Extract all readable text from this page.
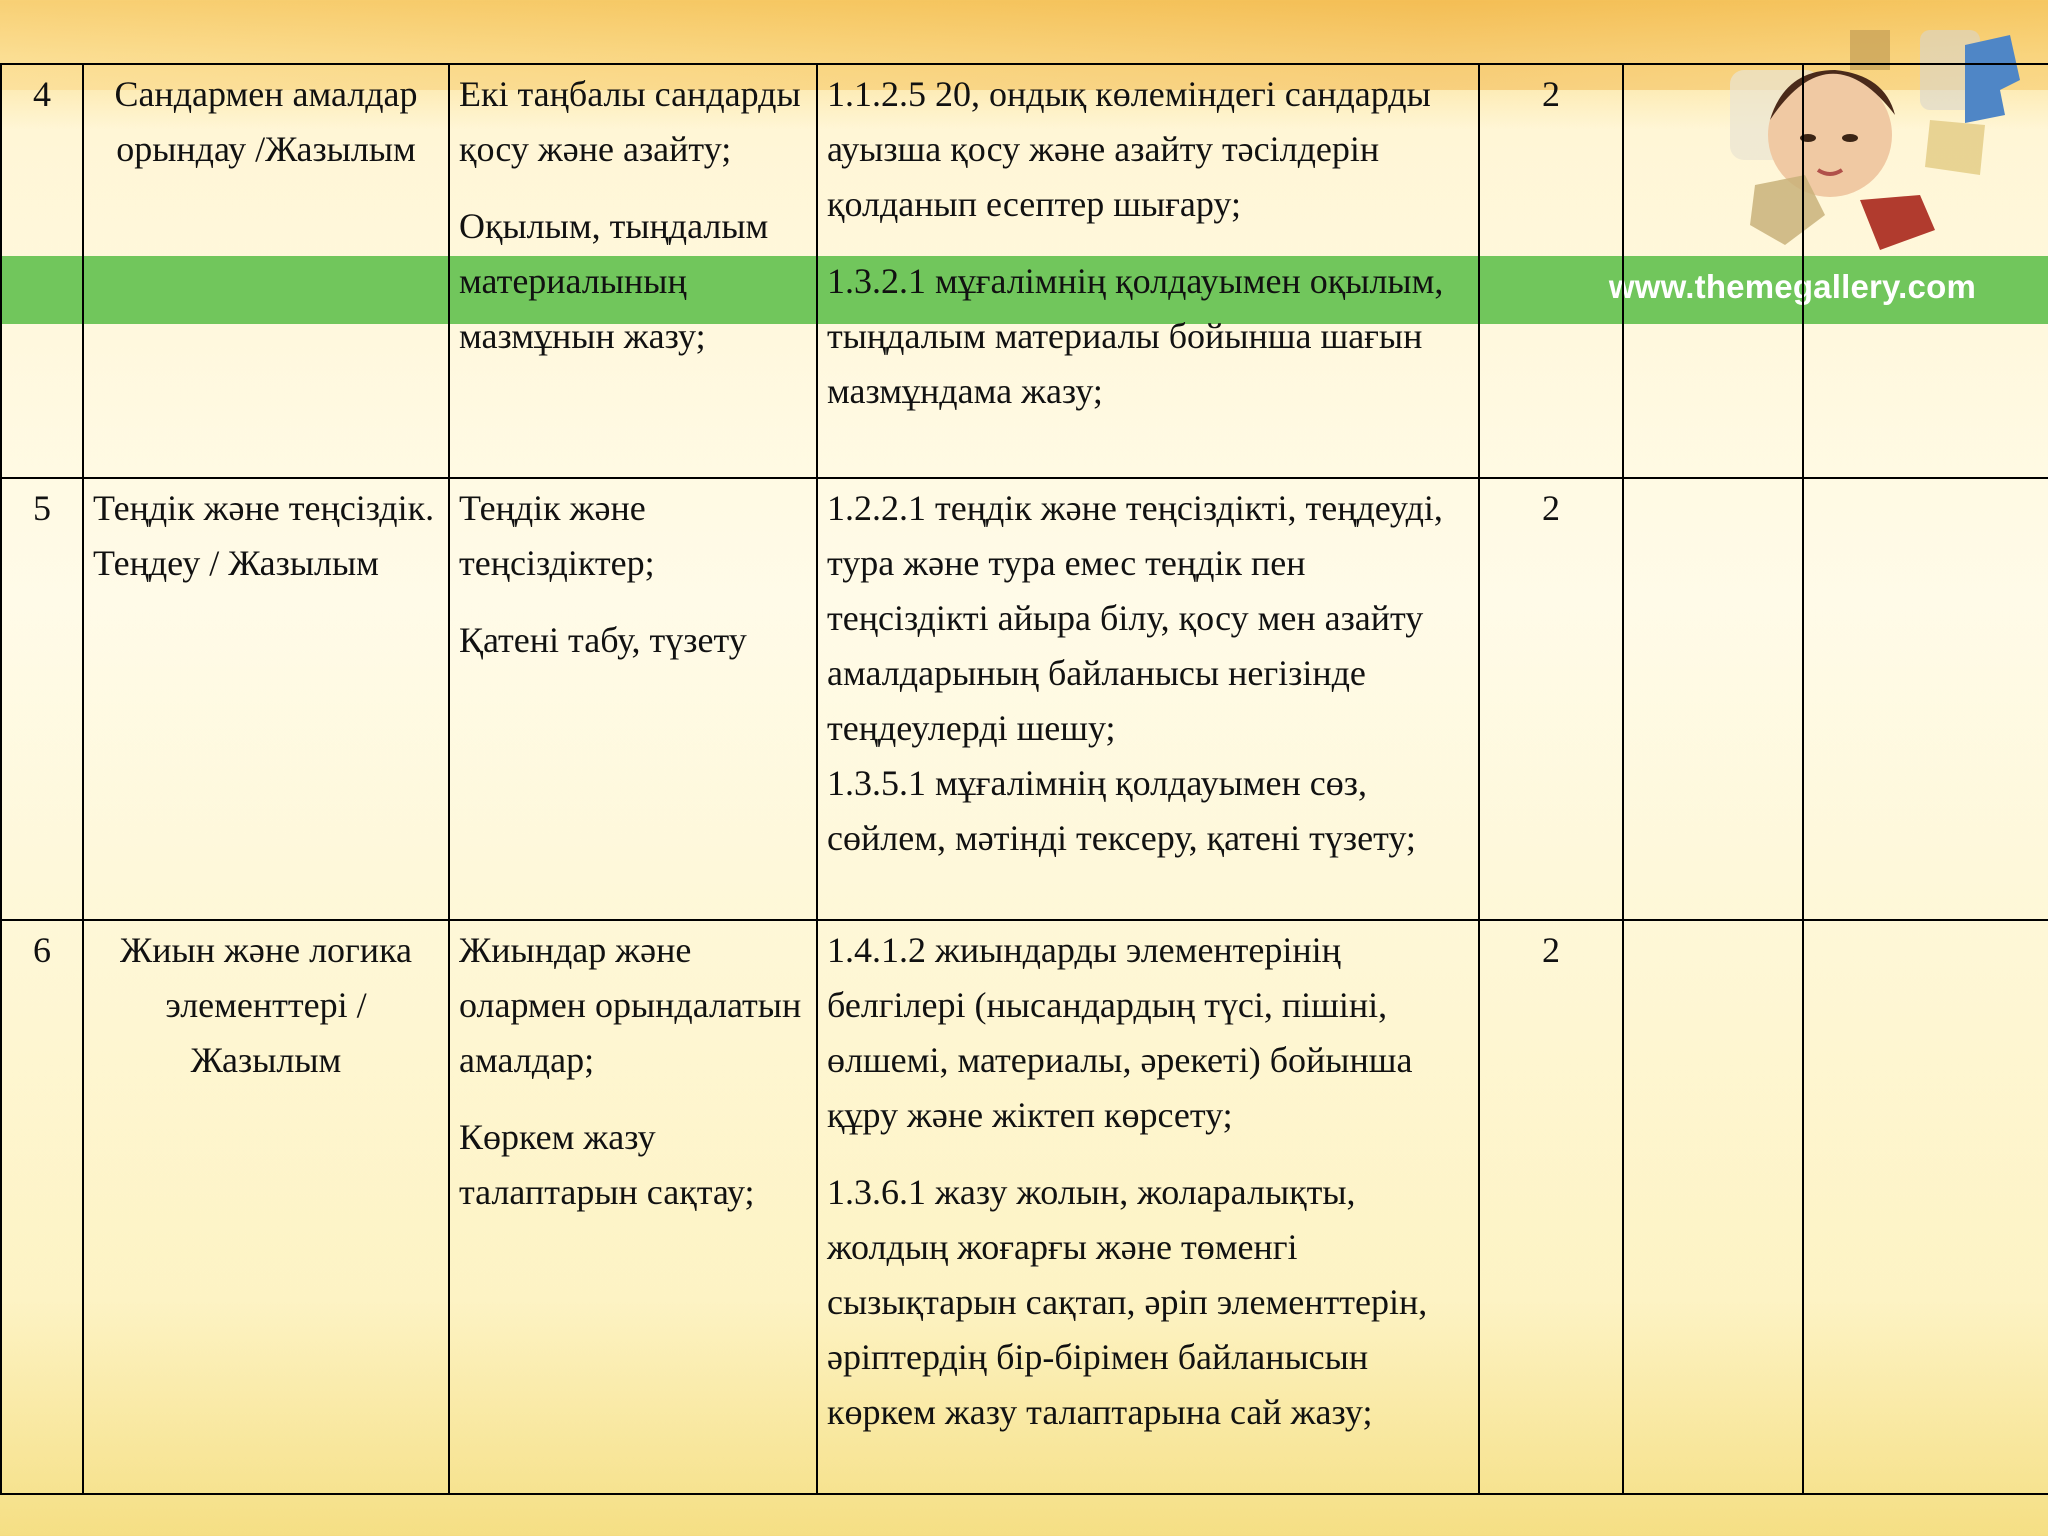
www.themegallery.com
4	Сандармен амалдар орындау /Жазылым	Екі таңбалы сандарды қосу және азайту;
Оқылым, тыңдалым материалының мазмұнын жазу;	1.1.2.5 20, ондық көлеміндегі сандарды ауызша қосу және азайту тәсілдерін қолданып есептер шығару;
1.3.2.1 мұғалімнің қолдауымен оқылым, тыңдалым материалы бойынша шағын мазмұндама жазу;	2		
5	Теңдік және теңсіздік. Теңдеу / Жазылым	Теңдік және теңсіздіктер;
Қатені табу, түзету	1.2.2.1 теңдік және теңсіздікті, теңдеуді, тура және тура емес теңдік пен теңсіздікті айыра білу, қосу мен азайту амалдарының байланысы негізінде теңдеулерді шешу;
1.3.5.1 мұғалімнің қолдауымен сөз, сөйлем, мәтінді тексеру, қатені түзету;	2		
6	Жиын және логика элементтері /Жазылым	Жиындар және олармен орындалатын амалдар;
Көркем жазу талаптарын сақтау;	1.4.1.2 жиындарды элементерінің белгілері (нысандардың түсі, пішіні, өлшемі, материалы, әрекеті) бойынша құру және жіктеп көрсету;
1.3.6.1 жазу жолын, жоларалықты, жолдың жоғарғы және төменгі сызықтарын сақтап, әріп элементтерін, әріптердің бір-бірімен байланысын көркем жазу талаптарына сай жазу;	2		
